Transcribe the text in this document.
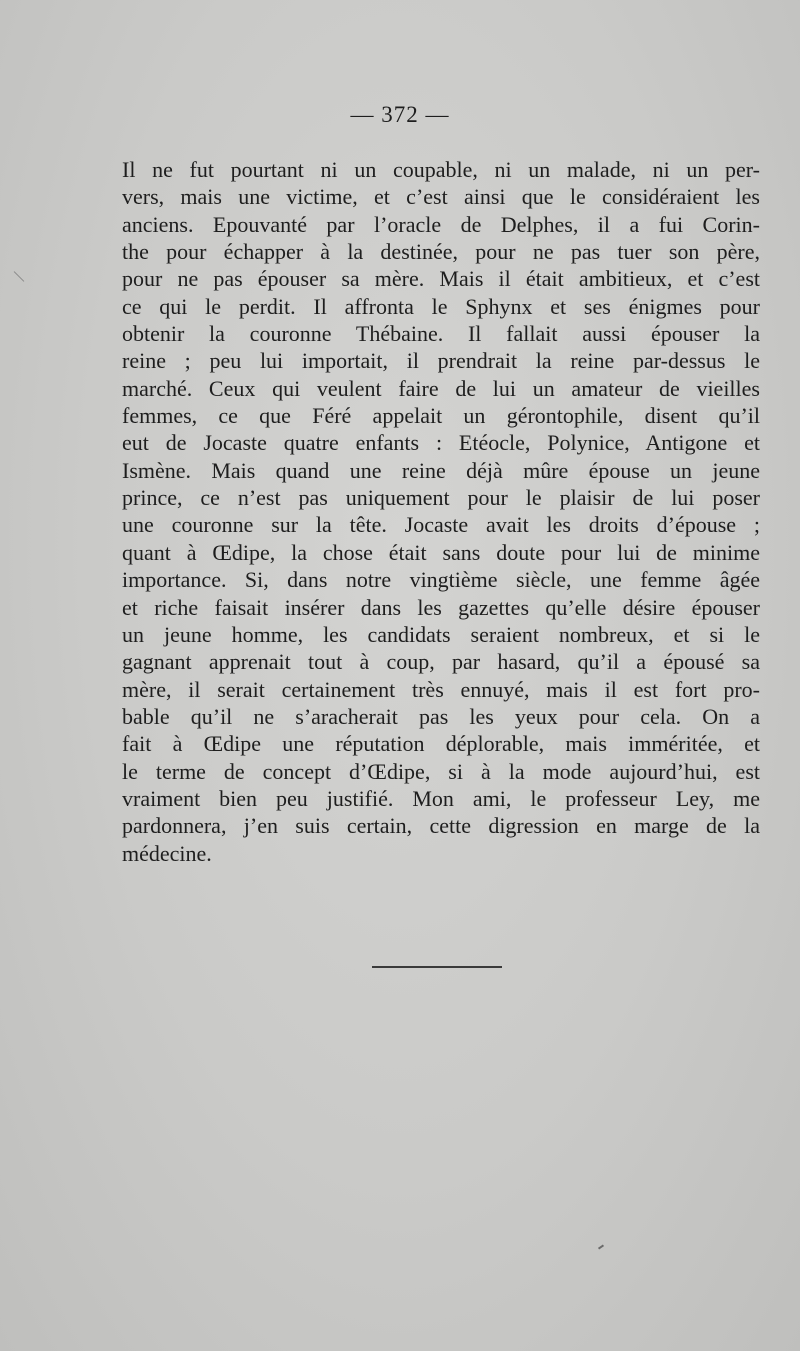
— 372 —
Il ne fut pourtant ni un coupable, ni un malade, ni un per-
vers, mais une victime, et c’est ainsi que le considéraient les
anciens. Epouvanté par l’oracle de Delphes, il a fui Corin-
the pour échapper à la destinée, pour ne pas tuer son père,
pour ne pas épouser sa mère. Mais il était ambitieux, et c’est
ce qui le perdit. Il affronta le Sphynx et ses énigmes pour
obtenir la couronne Thébaine. Il fallait aussi épouser la
reine ; peu lui importait, il prendrait la reine par-dessus le
marché. Ceux qui veulent faire de lui un amateur de vieilles
femmes, ce que Féré appelait un gérontophile, disent qu’il
eut de Jocaste quatre enfants : Etéocle, Polynice, Antigone et
Ismène. Mais quand une reine déjà mûre épouse un jeune
prince, ce n’est pas uniquement pour le plaisir de lui poser
une couronne sur la tête. Jocaste avait les droits d’épouse ;
quant à Œdipe, la chose était sans doute pour lui de minime
importance. Si, dans notre vingtième siècle, une femme âgée
et riche faisait insérer dans les gazettes qu’elle désire épouser
un jeune homme, les candidats seraient nombreux, et si le
gagnant apprenait tout à coup, par hasard, qu’il a épousé sa
mère, il serait certainement très ennuyé, mais il est fort pro-
bable qu’il ne s’aracherait pas les yeux pour cela. On a
fait à Œdipe une réputation déplorable, mais imméritée, et
le terme de concept d’Œdipe, si à la mode aujourd’hui, est
vraiment bien peu justifié. Mon ami, le professeur Ley, me
pardonnera, j’en suis certain, cette digression en marge de la
médecine.
